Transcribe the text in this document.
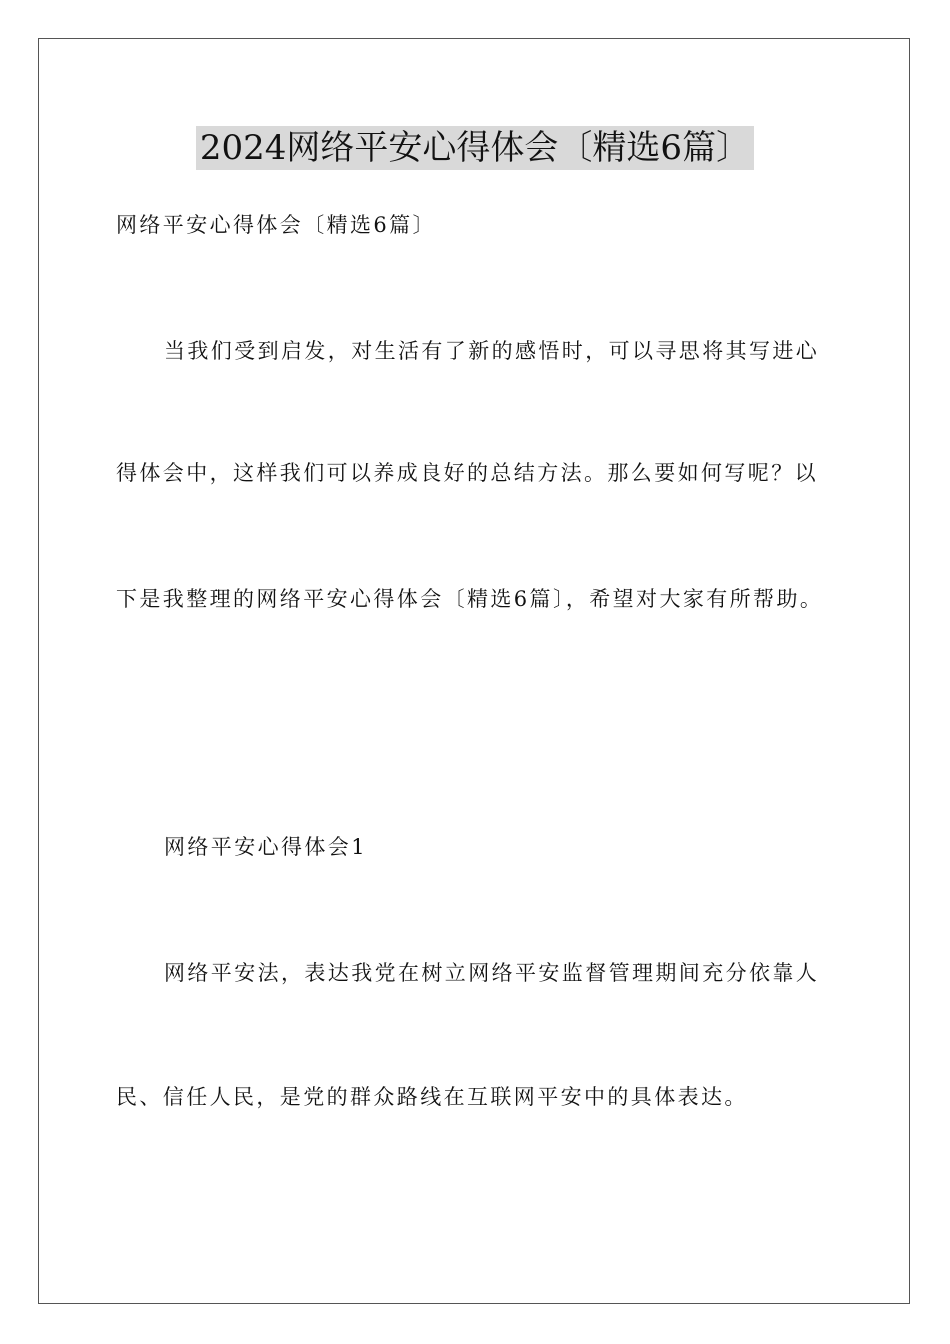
2024网络平安心得体会〔精选6篇〕
网络平安心得体会〔精选6篇〕
当我们受到启发，对生活有了新的感悟时，可以寻思将其写进心
得体会中，这样我们可以养成良好的总结方法。那么要如何写呢？以
下是我整理的网络平安心得体会〔精选6篇〕，希望对大家有所帮助。
网络平安心得体会1
网络平安法，表达我党在树立网络平安监督管理期间充分依靠人
民、信任人民，是党的群众路线在互联网平安中的具体表达。
